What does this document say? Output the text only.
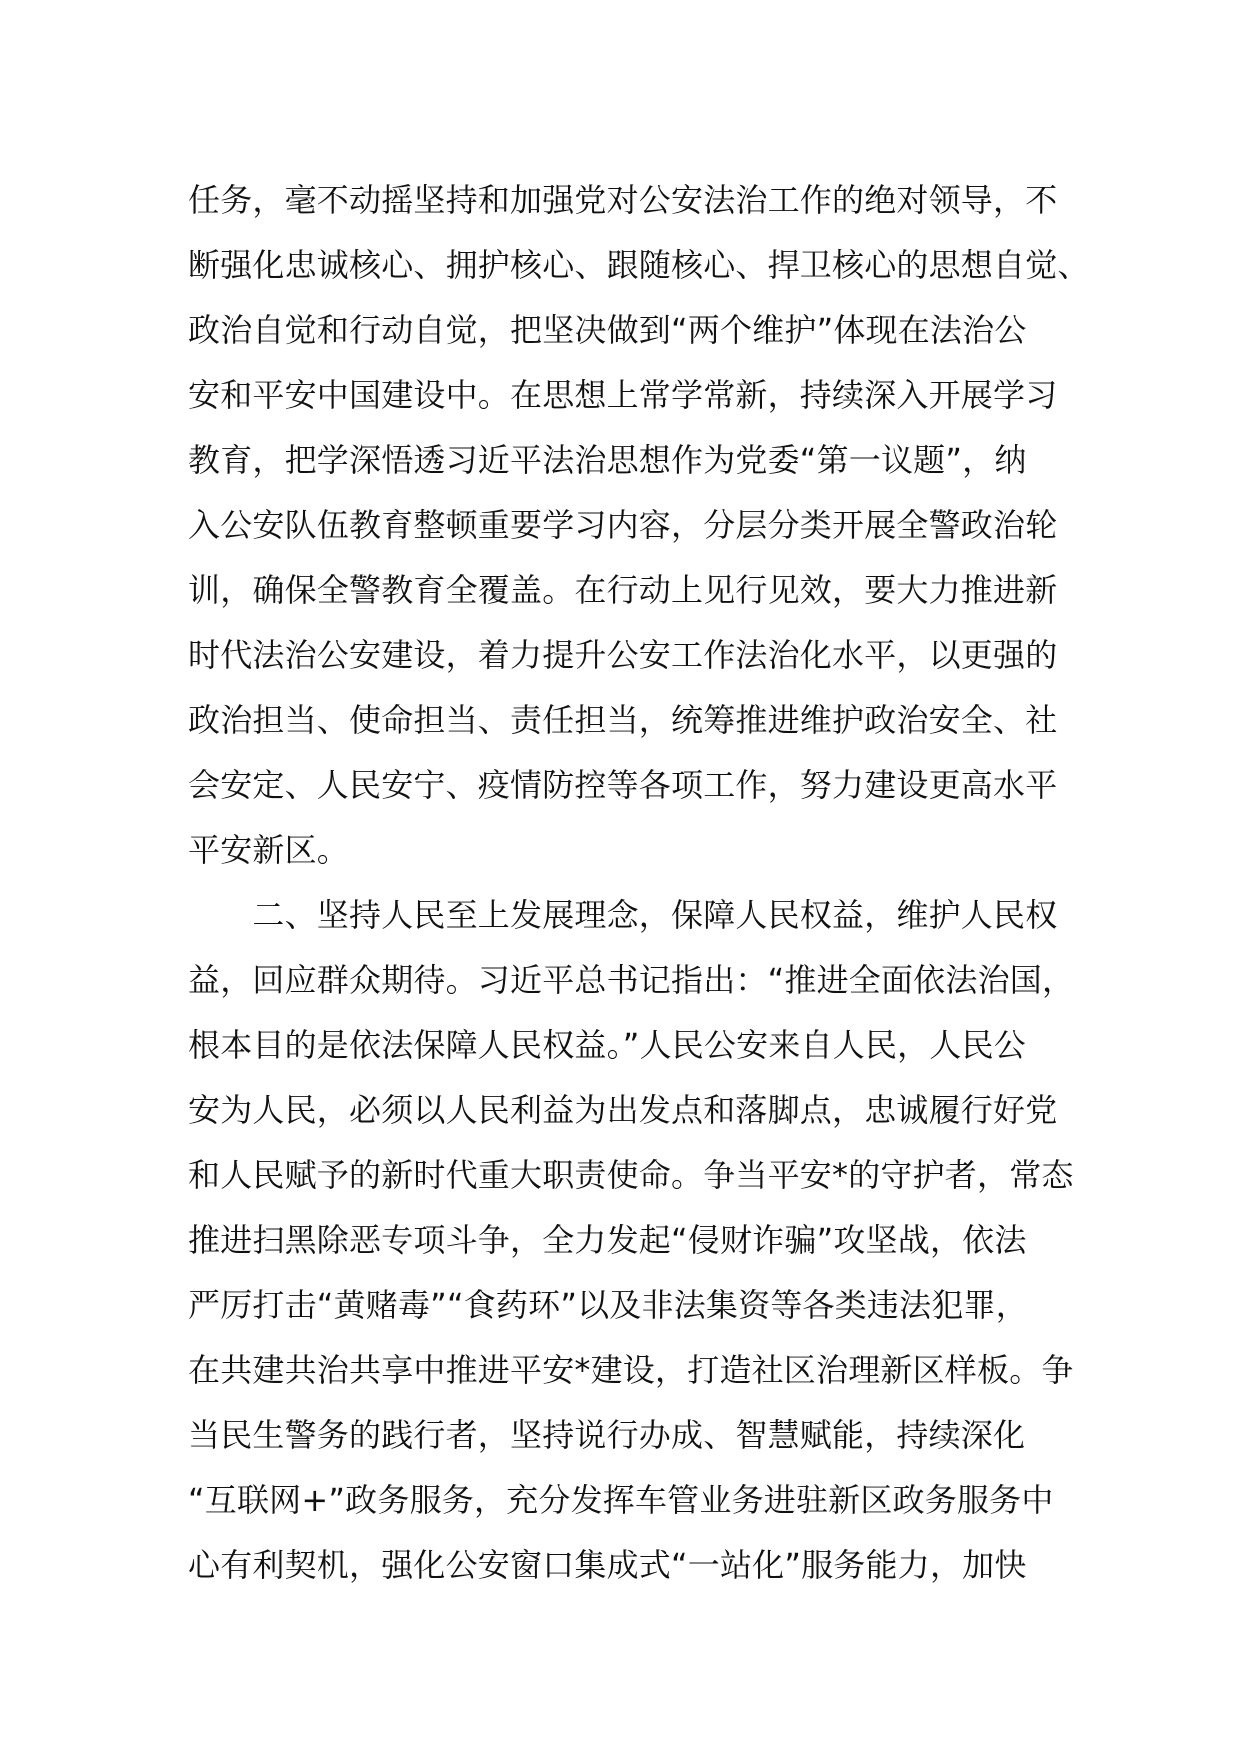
任务，毫不动摇坚持和加强党对公安法治工作的绝对领导，不
断强化忠诚核心、拥护核心、跟随核心、捍卫核心的思想自觉、
政治自觉和行动自觉，把坚决做到“两个维护”体现在法治公
安和平安中国建设中。在思想上常学常新，持续深入开展学习
教育，把学深悟透习近平法治思想作为党委“第一议题”，纳
入公安队伍教育整顿重要学习内容，分层分类开展全警政治轮
训，确保全警教育全覆盖。在行动上见行见效，要大力推进新
时代法治公安建设，着力提升公安工作法治化水平，以更强的
政治担当、使命担当、责任担当，统筹推进维护政治安全、社
会安定、人民安宁、疫情防控等各项工作，努力建设更高水平
平安新区。
　　二、坚持人民至上发展理念，保障人民权益，维护人民权
益，回应群众期待。习近平总书记指出：“推进全面依法治国，
根本目的是依法保障人民权益。”人民公安来自人民，人民公
安为人民，必须以人民利益为出发点和落脚点，忠诚履行好党
和人民赋予的新时代重大职责使命。争当平安*的守护者，常态
推进扫黑除恶专项斗争，全力发起“侵财诈骗”攻坚战，依法
严厉打击“黄赌毒”“食药环”以及非法集资等各类违法犯罪，
在共建共治共享中推进平安*建设，打造社区治理新区样板。争
当民生警务的践行者，坚持说行办成、智慧赋能，持续深化
“互联网+”政务服务，充分发挥车管业务进驻新区政务服务中
心有利契机，强化公安窗口集成式“一站化”服务能力，加快
